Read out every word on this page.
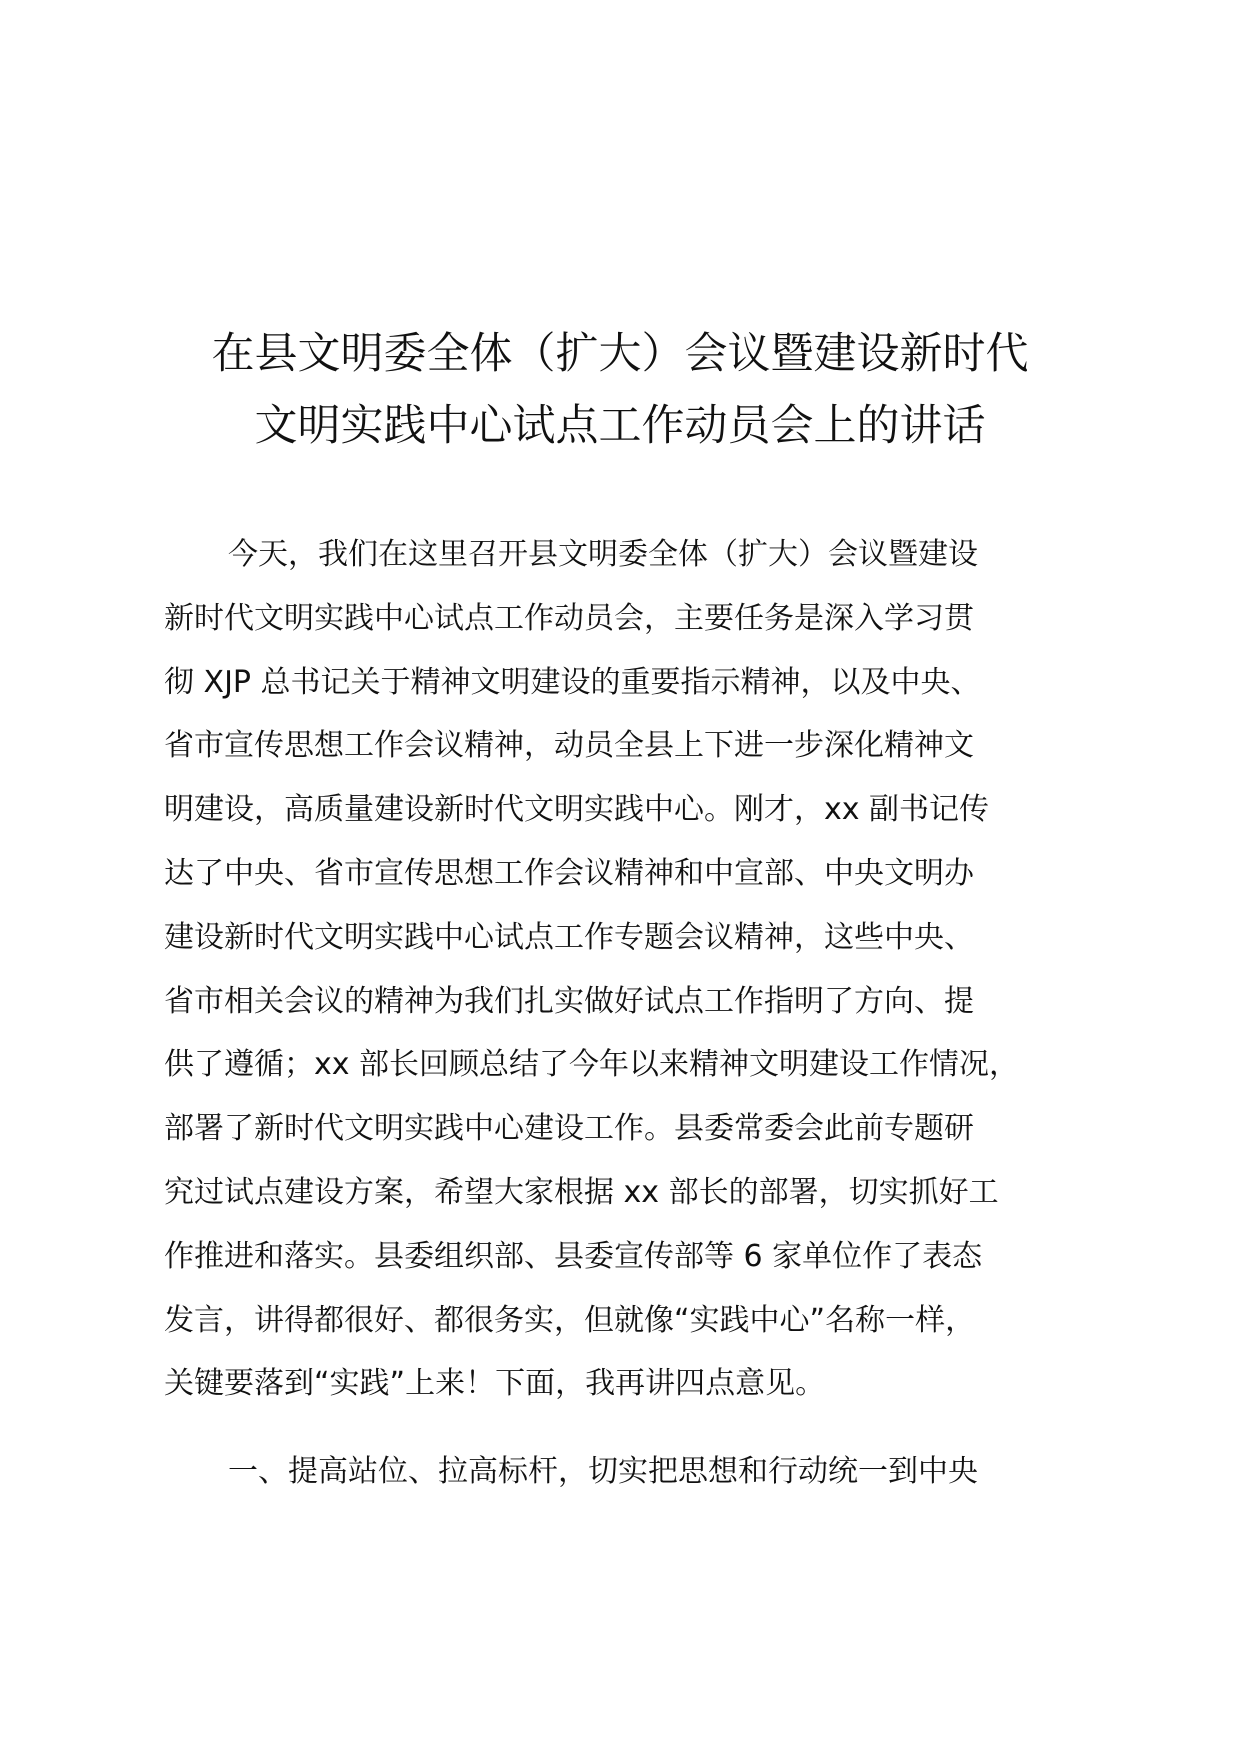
在县文明委全体（扩大）会议暨建设新时代
文明实践中心试点工作动员会上的讲话
今天，我们在这里召开县文明委全体（扩大）会议暨建设
新时代文明实践中心试点工作动员会，主要任务是深入学习贯
彻 XJP 总书记关于精神文明建设的重要指示精神，以及中央、
省市宣传思想工作会议精神，动员全县上下进一步深化精神文
明建设，高质量建设新时代文明实践中心。刚才，xx 副书记传
达了中央、省市宣传思想工作会议精神和中宣部、中央文明办
建设新时代文明实践中心试点工作专题会议精神，这些中央、
省市相关会议的精神为我们扎实做好试点工作指明了方向、提
供了遵循；xx 部长回顾总结了今年以来精神文明建设工作情况，
部署了新时代文明实践中心建设工作。县委常委会此前专题研
究过试点建设方案，希望大家根据 xx 部长的部署，切实抓好工
作推进和落实。县委组织部、县委宣传部等 6 家单位作了表态
发言，讲得都很好、都很务实，但就像“实践中心”名称一样，
关键要落到“实践”上来！下面，我再讲四点意见。
一、提高站位、拉高标杆，切实把思想和行动统一到中央
